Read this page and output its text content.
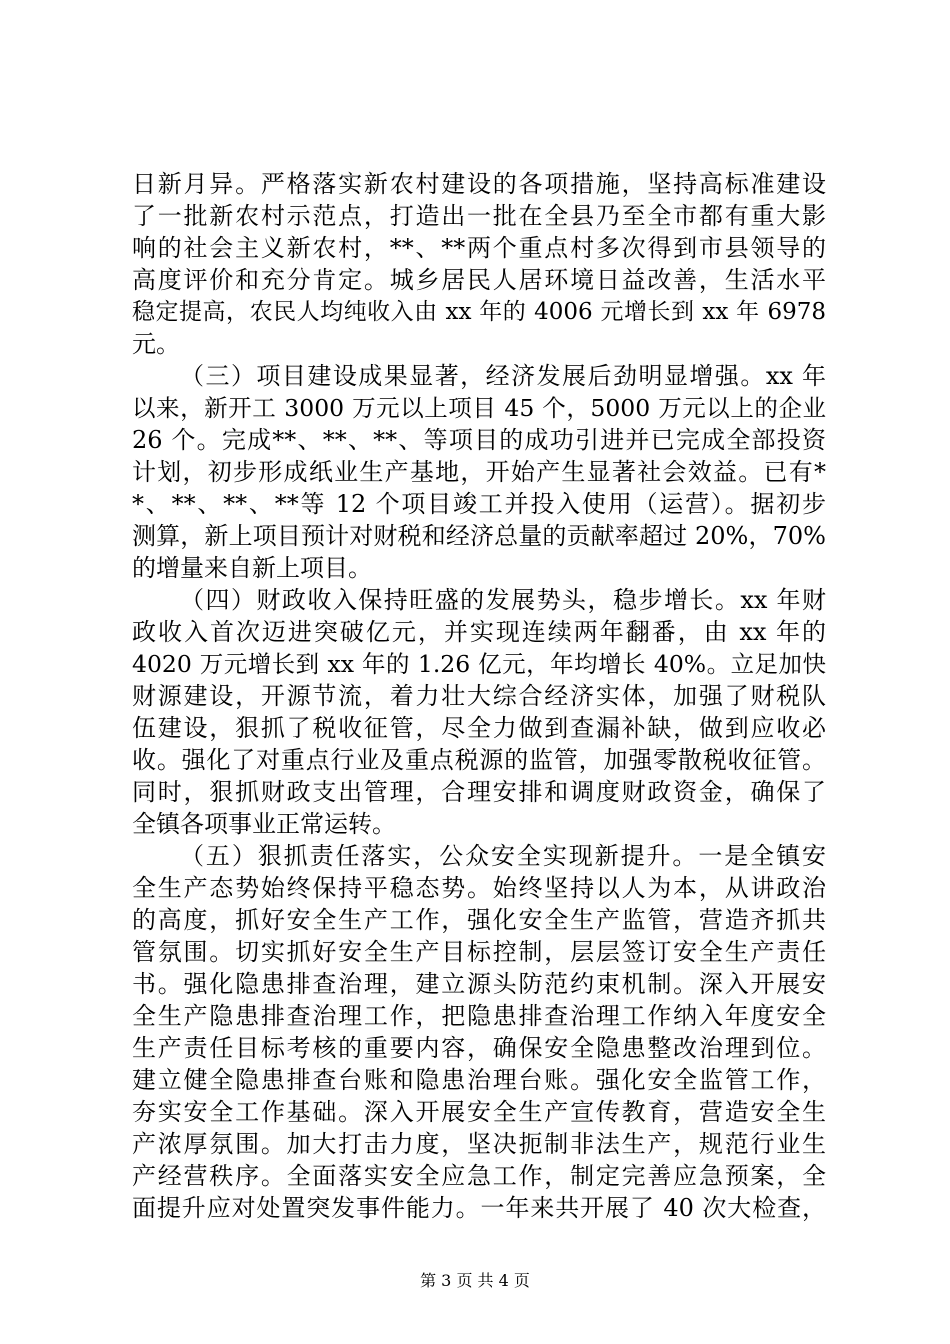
日新月异。严格落实新农村建设的各项措施，坚持高标准建设
了一批新农村示范点，打造出一批在全县乃至全市都有重大影
响的社会主义新农村，**、**两个重点村多次得到市县领导的
高度评价和充分肯定。城乡居民人居环境日益改善，生活水平
稳定提高，农民人均纯收入由 xx 年的 4006 元增长到 xx 年 6978
元。
（三）项目建设成果显著，经济发展后劲明显增强。xx 年
以来，新开工 3000 万元以上项目 45 个，5000 万元以上的企业
26 个。完成**、**、**、等项目的成功引进并已完成全部投资
计划，初步形成纸业生产基地，开始产生显著社会效益。已有*
*、**、**、**等 12 个项目竣工并投入使用（运营）。据初步
测算，新上项目预计对财税和经济总量的贡献率超过 20%，70%
的增量来自新上项目。
（四）财政收入保持旺盛的发展势头，稳步增长。xx 年财
政收入首次迈进突破亿元，并实现连续两年翻番，由 xx 年的
4020 万元增长到 xx 年的 1.26 亿元，年均增长 40%。立足加快
财源建设，开源节流，着力壮大综合经济实体，加强了财税队
伍建设，狠抓了税收征管，尽全力做到查漏补缺，做到应收必
收。强化了对重点行业及重点税源的监管，加强零散税收征管。
同时，狠抓财政支出管理，合理安排和调度财政资金，确保了
全镇各项事业正常运转。
（五）狠抓责任落实，公众安全实现新提升。一是全镇安
全生产态势始终保持平稳态势。始终坚持以人为本，从讲政治
的高度，抓好安全生产工作，强化安全生产监管，营造齐抓共
管氛围。切实抓好安全生产目标控制，层层签订安全生产责任
书。强化隐患排查治理，建立源头防范约束机制。深入开展安
全生产隐患排查治理工作，把隐患排查治理工作纳入年度安全
生产责任目标考核的重要内容，确保安全隐患整改治理到位。
建立健全隐患排查台账和隐患治理台账。强化安全监管工作，
夯实安全工作基础。深入开展安全生产宣传教育，营造安全生
产浓厚氛围。加大打击力度，坚决扼制非法生产，规范行业生
产经营秩序。全面落实安全应急工作，制定完善应急预案，全
面提升应对处置突发事件能力。一年来共开展了 40 次大检查，
第 3 页 共 4 页
